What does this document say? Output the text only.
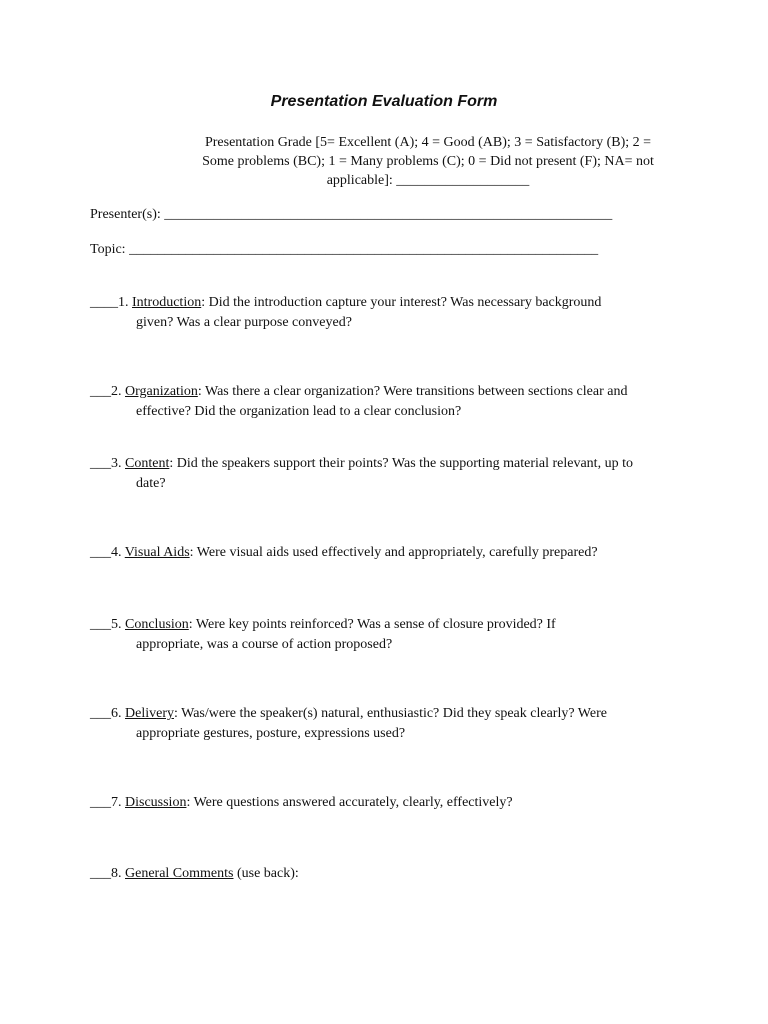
Presentation Evaluation Form
Presentation Grade [5= Excellent (A); 4 = Good (AB); 3 = Satisfactory (B); 2 =
Some problems (BC); 1 = Many problems (C); 0 = Did not present (F); NA= not
applicable]: ___________________
Presenter(s): ________________________________________________________________
Topic: ___________________________________________________________________
____1. Introduction: Did the introduction capture your interest? Was necessary background
given? Was a clear purpose conveyed?
___2. Organization: Was there a clear organization? Were transitions between sections clear and
effective? Did the organization lead to a clear conclusion?
___3. Content: Did the speakers support their points? Was the supporting material relevant, up to
date?
___4. Visual Aids: Were visual aids used effectively and appropriately, carefully prepared?
___5. Conclusion: Were key points reinforced? Was a sense of closure provided? If
appropriate, was a course of action proposed?
___6. Delivery: Was/were the speaker(s) natural, enthusiastic? Did they speak clearly? Were
appropriate gestures, posture, expressions used?
___7. Discussion: Were questions answered accurately, clearly, effectively?
___8. General Comments (use back):
